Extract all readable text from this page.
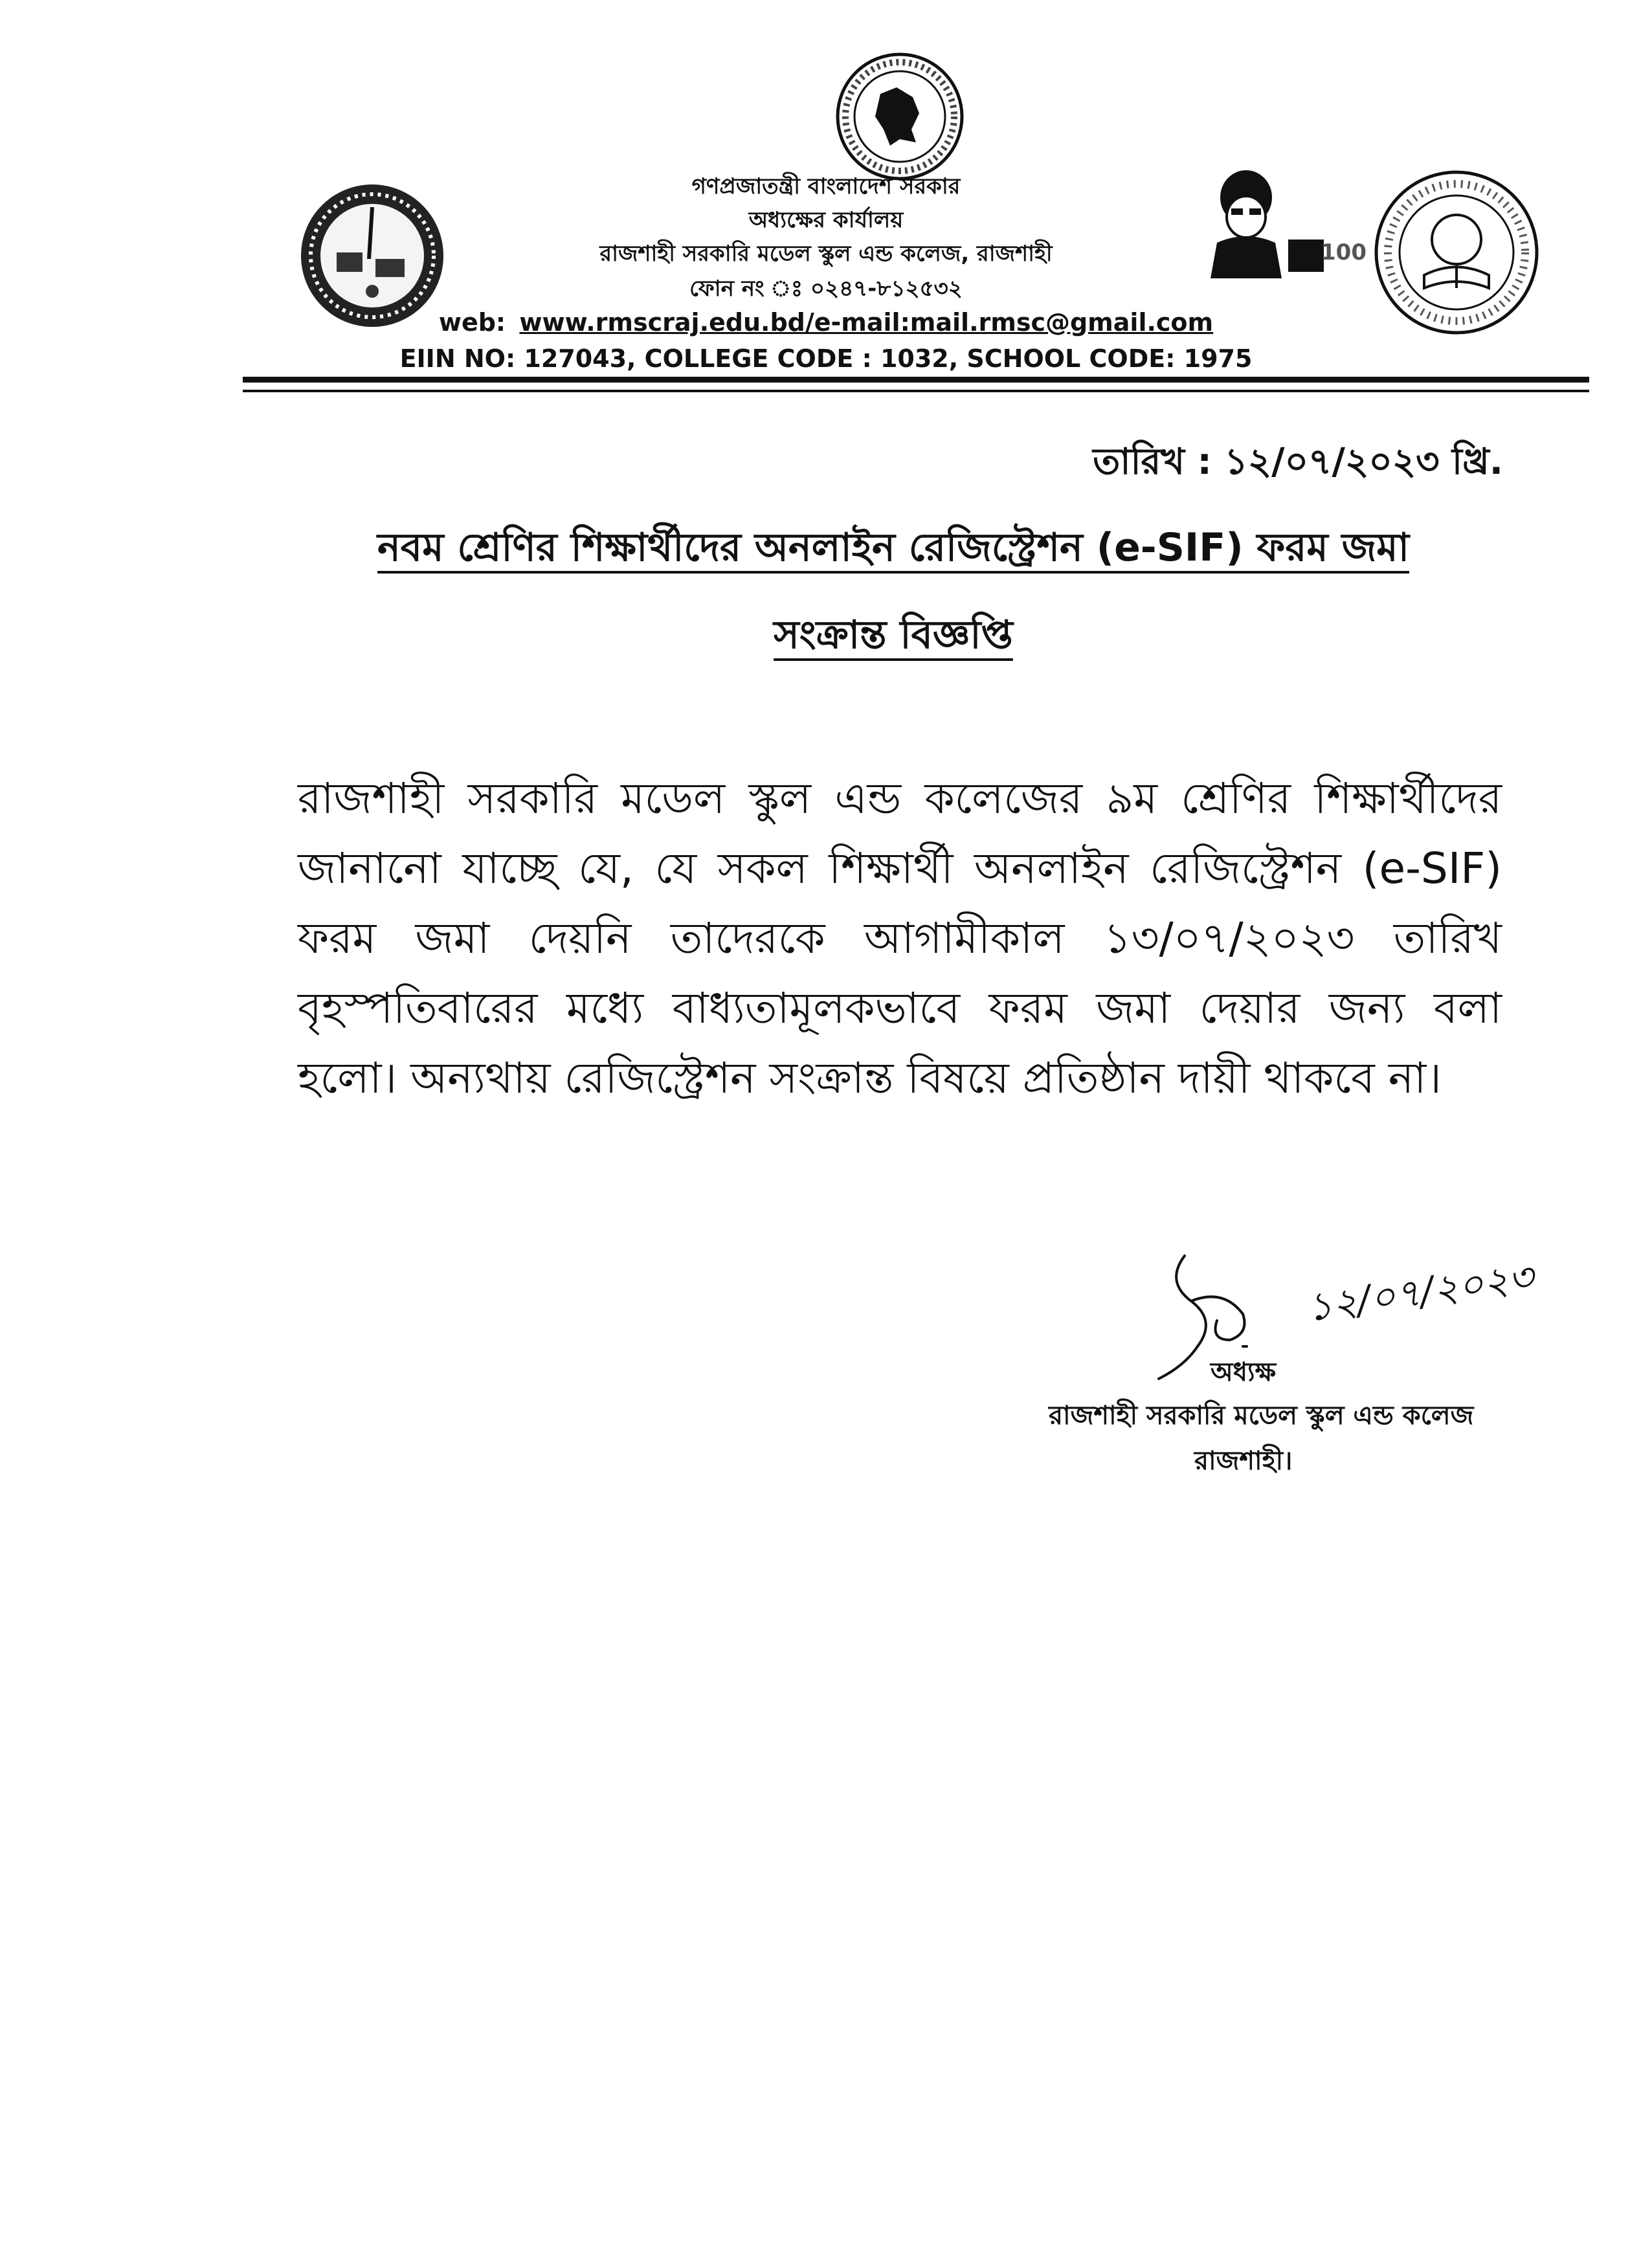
100
গণপ্রজাতন্ত্রী বাংলাদেশ সরকার
অধ্যক্ষের কার্যালয়
রাজশাহী সরকারি মডেল স্কুল এন্ড কলেজ, রাজশাহী
ফোন নং ঃ ০২৪৭-৮১২৫৩২
web: www.rmscraj.edu.bd/e-mail:mail.rmsc@gmail.com
EIIN NO: 127043, COLLEGE CODE : 1032, SCHOOL CODE: 1975
তারিখ : ১২/০৭/২০২৩ খ্রি.
নবম শ্রেণির শিক্ষার্থীদের অনলাইন রেজিস্ট্রেশন (e-SIF) ফরম জমা
সংক্রান্ত বিজ্ঞপ্তি
রাজশাহী সরকারি মডেল স্কুল এন্ড কলেজের ৯ম শ্রেণির শিক্ষার্থীদের জানানো যাচ্ছে যে, যে সকল শিক্ষার্থী অনলাইন রেজিস্ট্রেশন (e-SIF) ফরম জমা দেয়নি তাদেরকে আগামীকাল ১৩/০৭/২০২৩ তারিখ বৃহস্পতিবারের মধ্যে বাধ্যতামূলকভাবে ফরম জমা দেয়ার জন্য বলা হলো। অন্যথায় রেজিস্ট্রেশন সংক্রান্ত বিষয়ে প্রতিষ্ঠান দায়ী থাকবে না।
১২/০৭/২০২৩
অধ্যক্ষ
রাজশাহী সরকারি মডেল স্কুল এন্ড কলেজ
রাজশাহী।
